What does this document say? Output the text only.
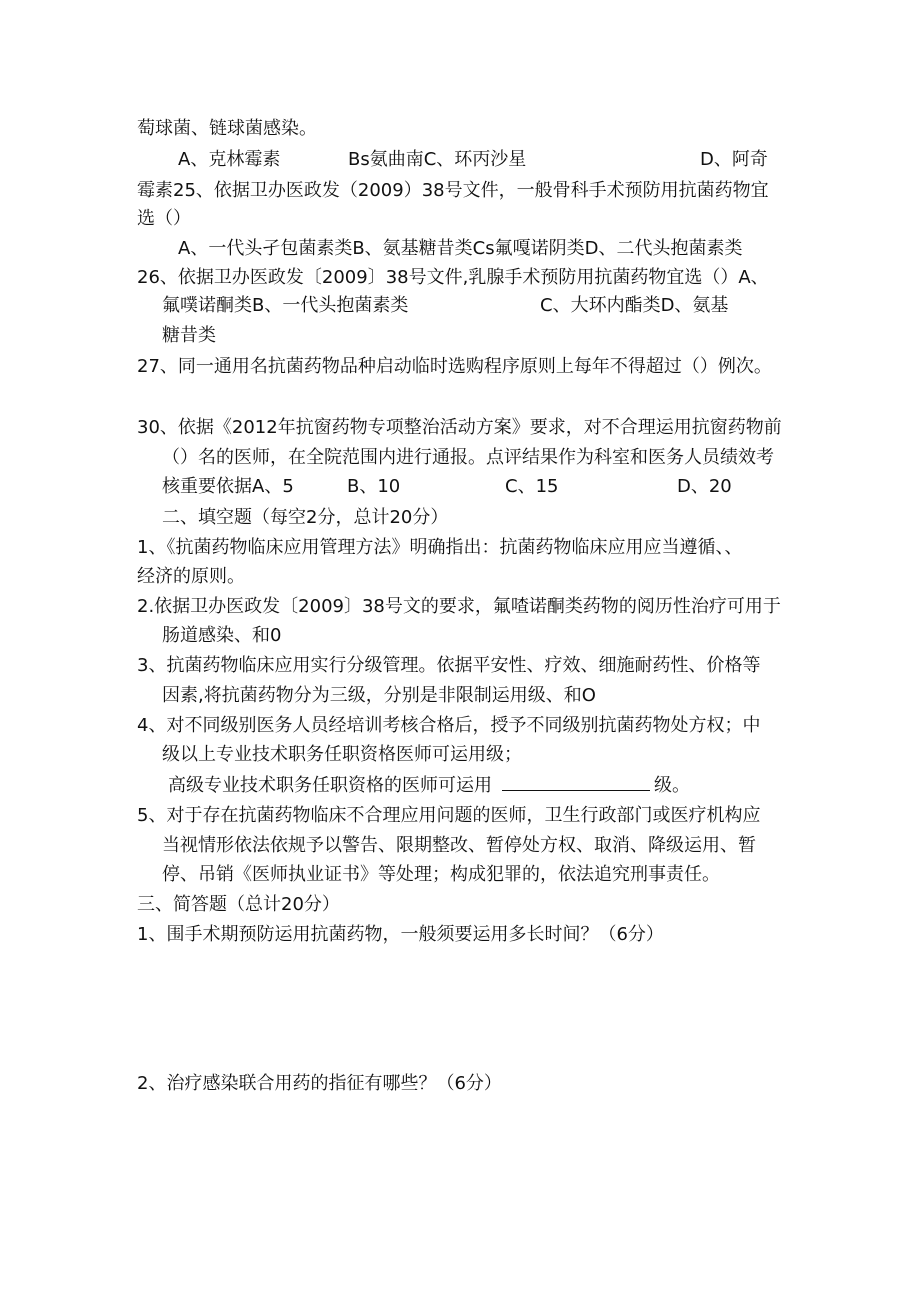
萄球菌、链球菌感染。
A、克林霉素	Bs氨曲南C、环丙沙星	D、阿奇
霉素25、依据卫办医政发（2009）38号文件，一般骨科手术预防用抗菌药物宜
选（）
A、一代头孑包菌素类B、氨基糖昔类Cs氟嘎诺阴类D、二代头抱菌素类
26、依据卫办医政发〔2009〕38号文件,乳腺手术预防用抗菌药物宜选（）A、
氟噗诺酮类B、一代头抱菌素类	C、大环内酯类D、氨基
糖昔类
27、同一通用名抗菌药物品种启动临时选购程序原则上每年不得超过（）例次。
30、依据《2012年抗窗药物专项整治活动方案》要求，对不合理运用抗窗药物前
（）名的医师，在全院范围内进行通报。点评结果作为科室和医务人员绩效考
核重要依据A、5	B、10	C、15	D、20
二、填空题（每空2分，总计20分）
1、《抗菌药物临床应用管理方法》明确指出：抗菌药物临床应用应当遵循、、
经济的原则。
2.依据卫办医政发〔2009〕38号文的要求，氟喳诺酮类药物的阅历性治疗可用于
肠道感染、和0
3、抗菌药物临床应用实行分级管理。依据平安性、疗效、细施耐药性、价格等
因素,将抗菌药物分为三级，分别是非限制运用级、和O
4、对不同级别医务人员经培训考核合格后，授予不同级别抗菌药物处方权；中
级以上专业技术职务任职资格医师可运用级；
高级专业技术职务任职资格的医师可运用	级。
5、对于存在抗菌药物临床不合理应用问题的医师，卫生行政部门或医疗机构应
当视情形依法依规予以警告、限期整改、暂停处方权、取消、降级运用、暂
停、吊销《医师执业证书》等处理；构成犯罪的，依法追究刑事责任。
三、简答题（总计20分）
1、围手术期预防运用抗菌药物，一般须要运用多长时间？（6分）
2、治疗感染联合用药的指征有哪些？（6分）
